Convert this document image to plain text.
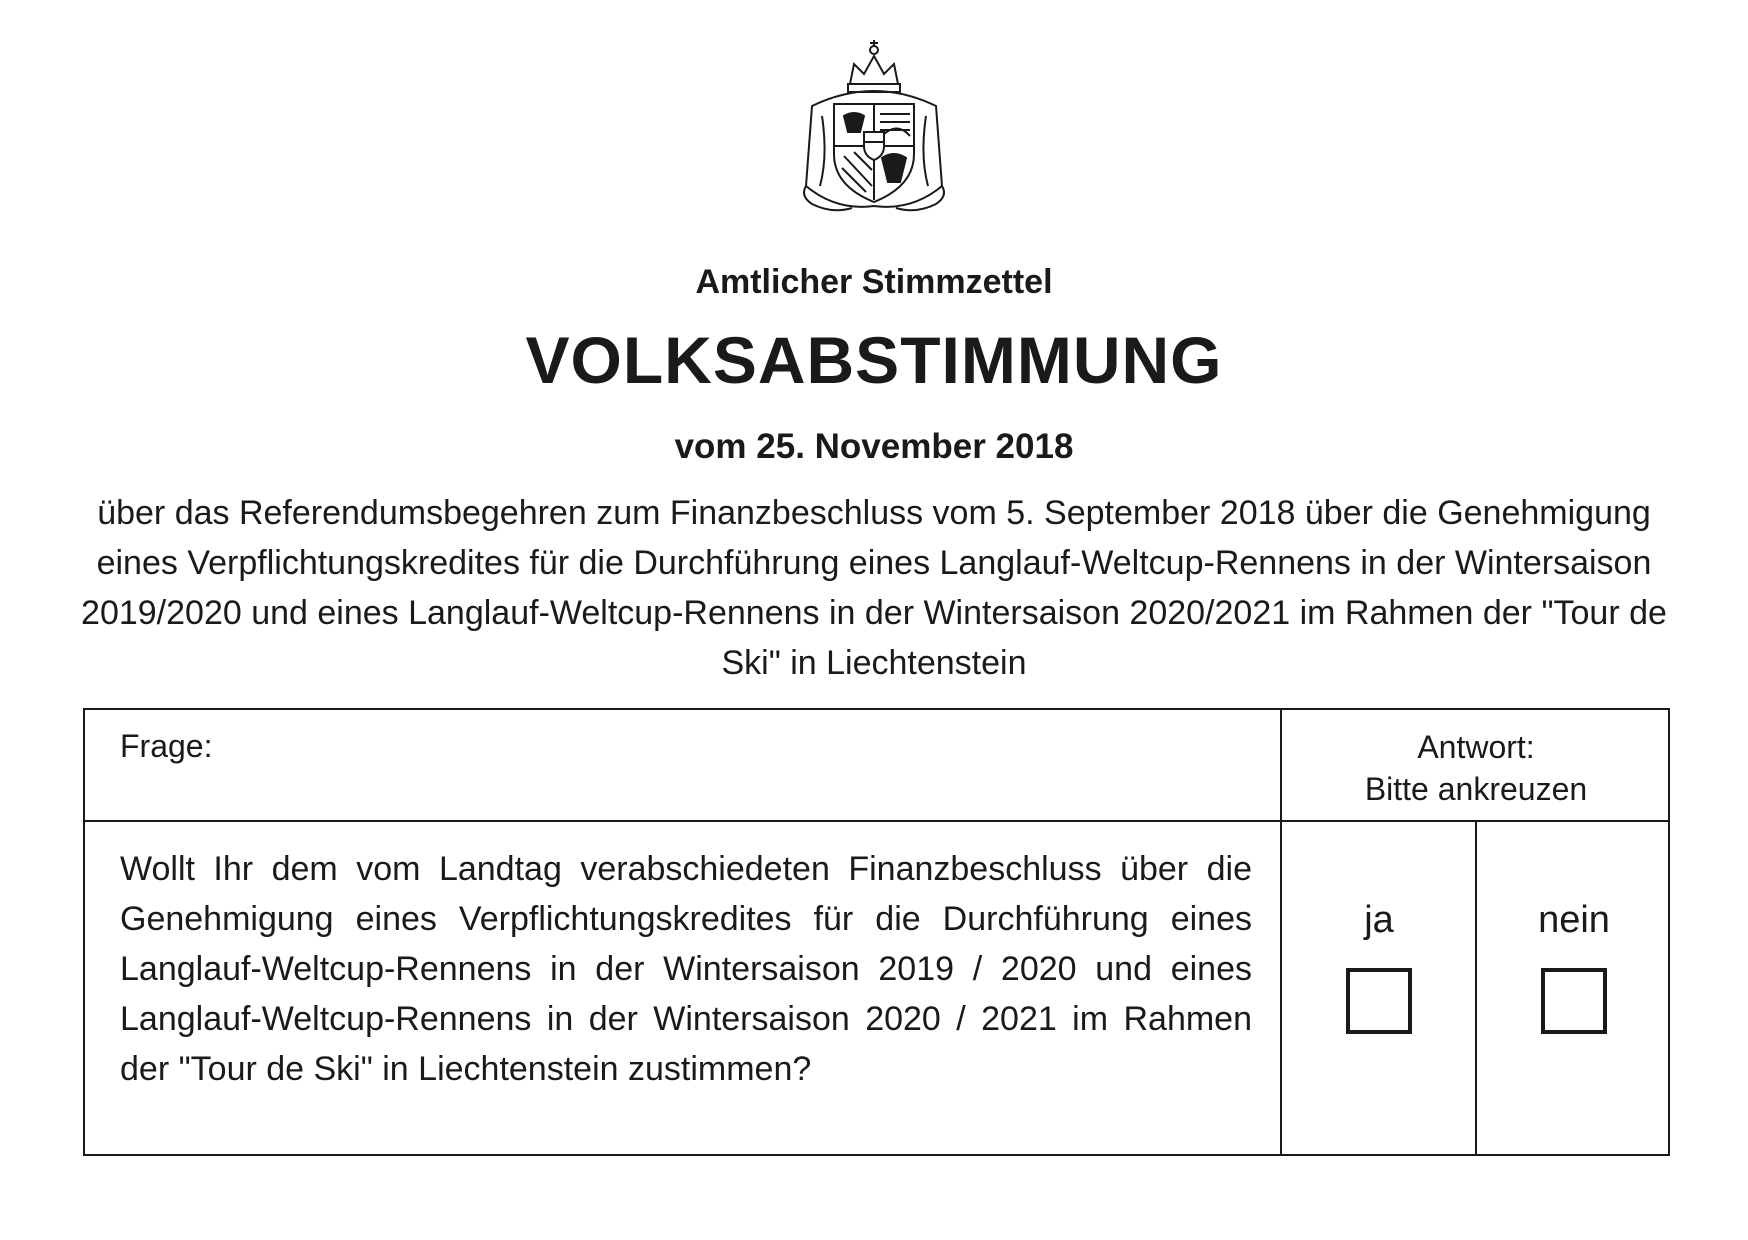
Amtlicher Stimmzettel
VOLKSABSTIMMUNG
vom 25. November 2018
über das Referendumsbegehren zum Finanzbeschluss vom 5. September 2018 über die Genehmigung eines Verpflichtungskredites für die Durchführung eines Langlauf-Weltcup-Rennens in der Wintersaison 2019/2020 und eines Langlauf-Weltcup-Rennens in der Wintersaison 2020/2021 im Rahmen der "Tour de Ski" in Liechtenstein
Frage:	Antwort:
Bitte ankreuzen
Wollt Ihr dem vom Landtag verabschiedeten Finanzbeschluss über die Genehmigung eines Verpflichtungskredites für die Durchführung eines Langlauf-Weltcup-Rennens in der Wintersaison 2019 / 2020 und eines Langlauf-Weltcup-Rennens in der Wintersaison 2020 / 2021 im Rahmen der "Tour de Ski" in Liechtenstein zustimmen?
ja	nein
